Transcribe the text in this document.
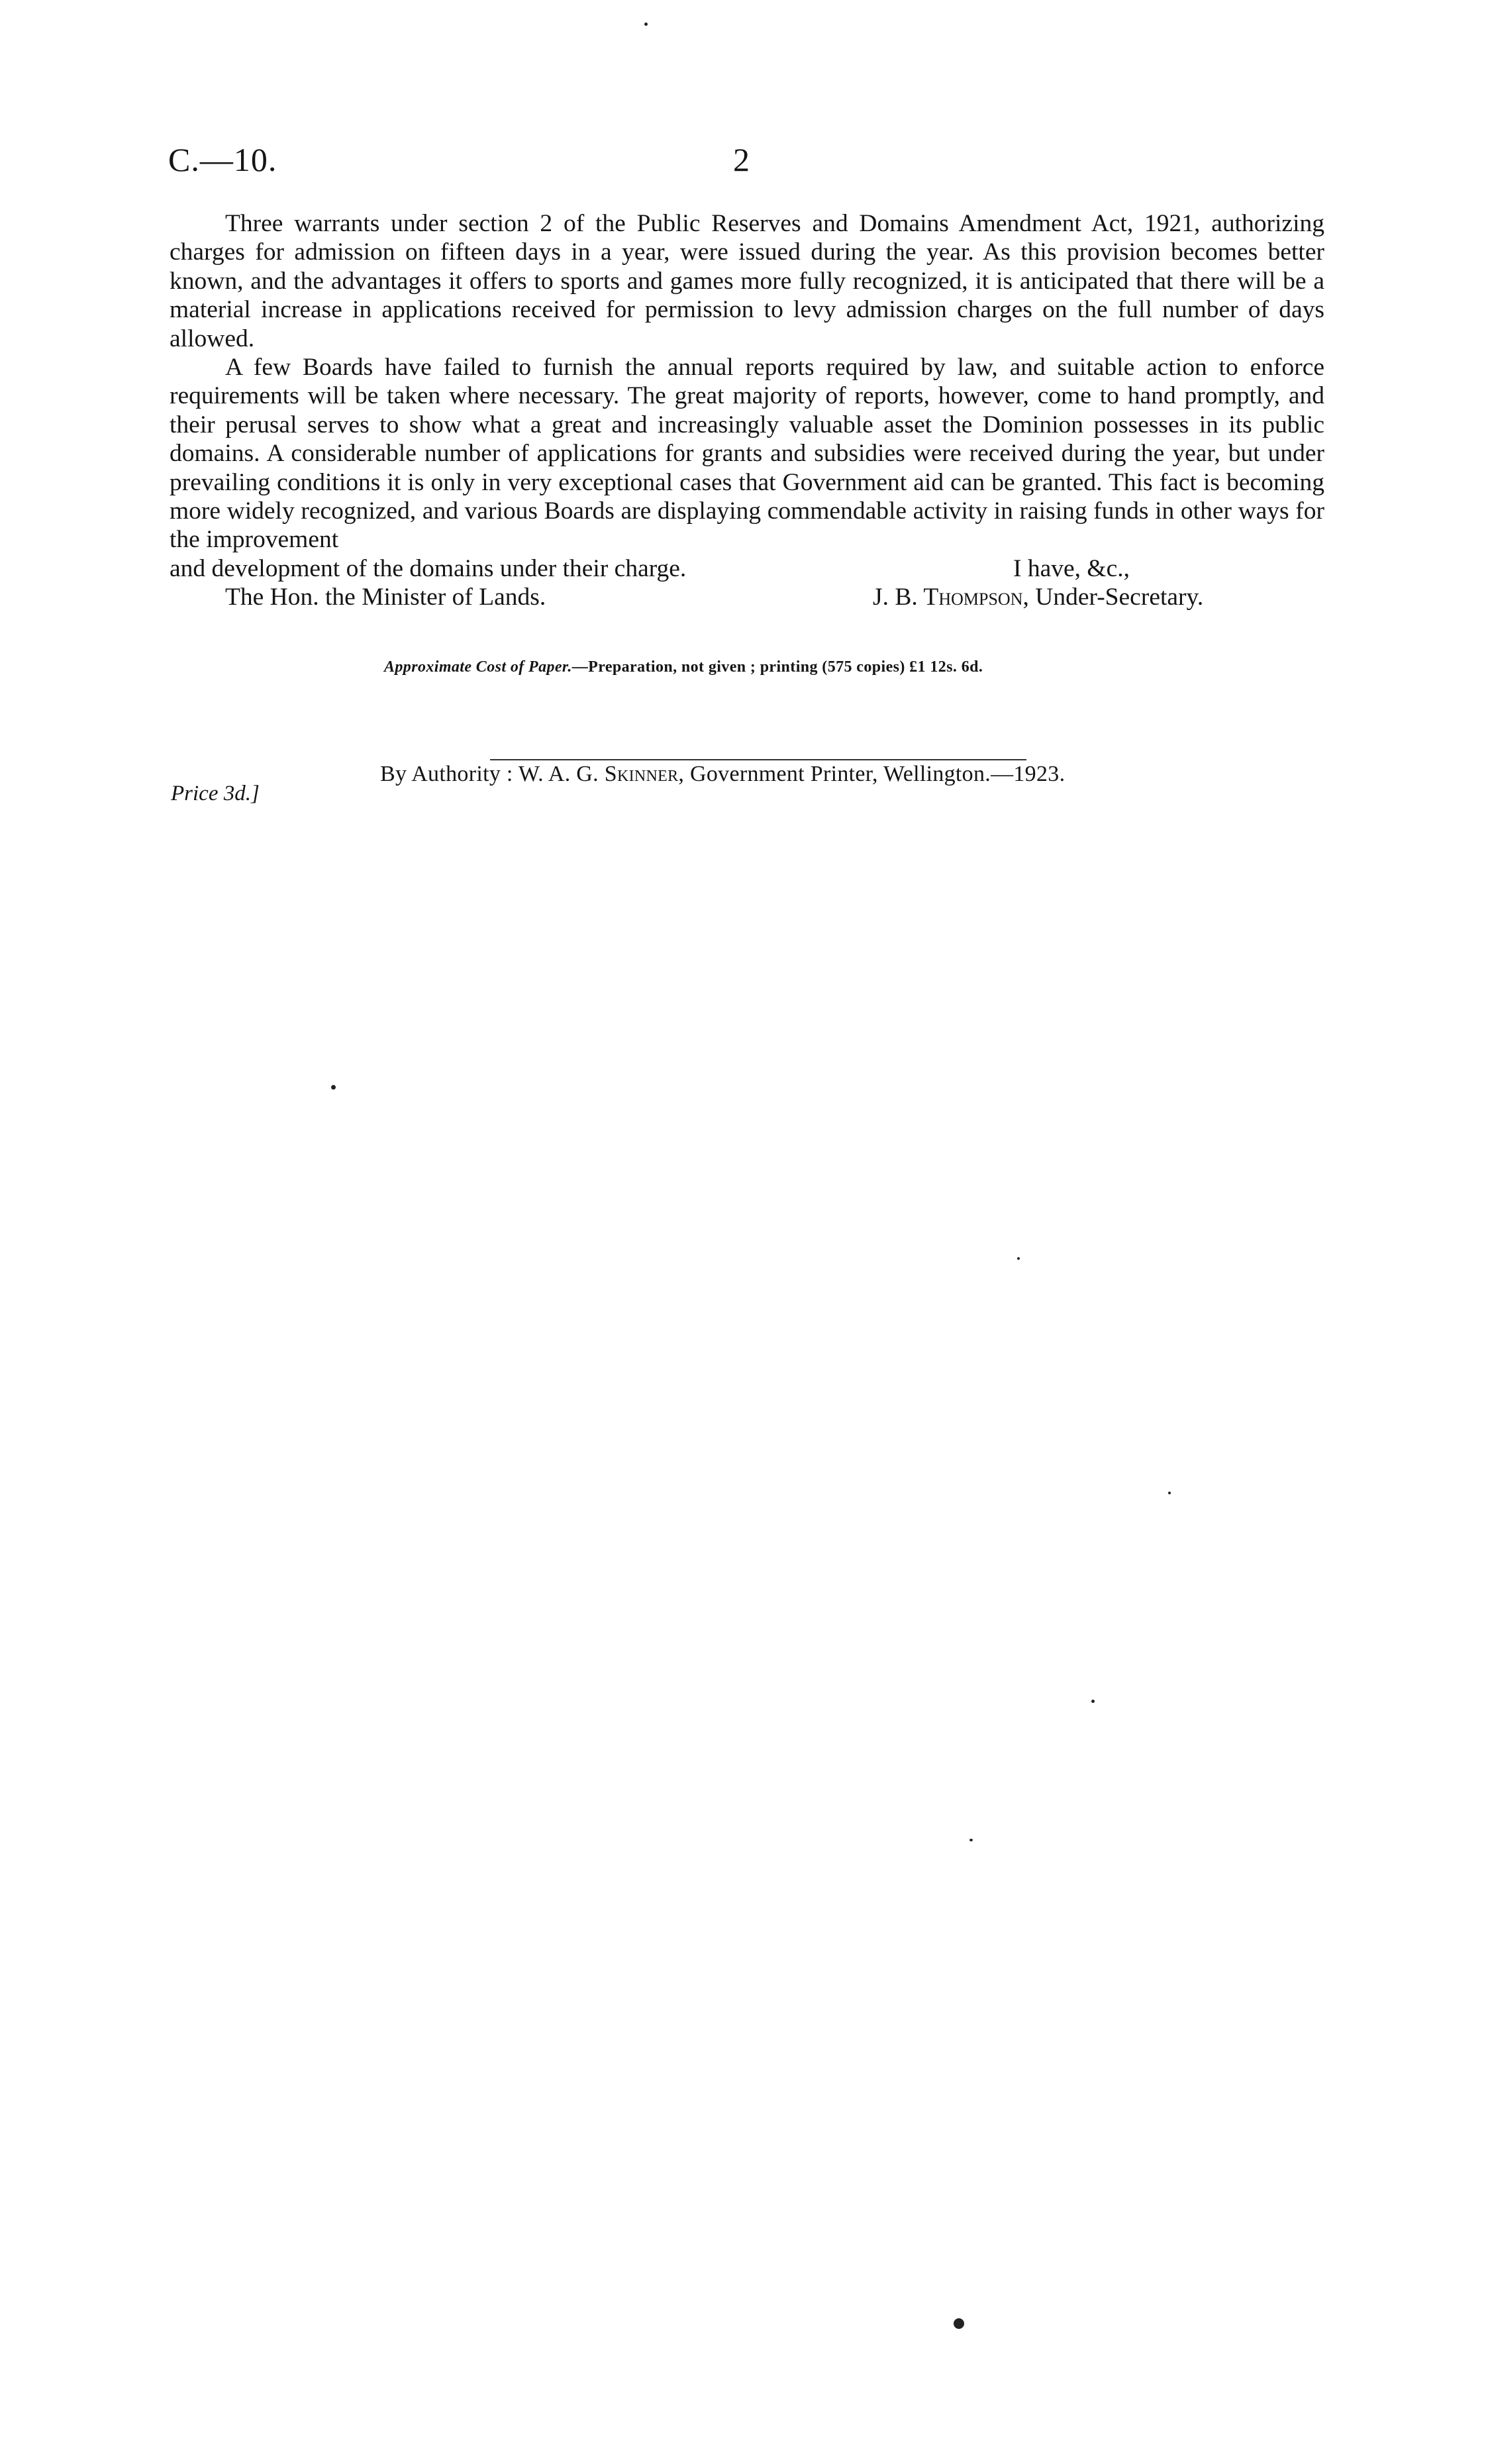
C.—10.	2

Three warrants under section 2 of the Public Reserves and Domains Amendment Act, 1921, authorizing charges for admission on fifteen days in a year, were issued during the year. As this provision becomes better known, and the advantages it offers to sports and games more fully recognized, it is anticipated that there will be a material increase in applications received for permission to levy admission charges on the full number of days allowed.

A few Boards have failed to furnish the annual reports required by law, and suitable action to enforce requirements will be taken where necessary. The great majority of reports, however, come to hand promptly, and their perusal serves to show what a great and increasingly valuable asset the Dominion possesses in its public domains. A considerable number of applications for grants and subsidies were received during the year, but under prevailing conditions it is only in very exceptional cases that Government aid can be granted. This fact is becoming more widely recognized, and various Boards are displaying commendable activity in raising funds in other ways for the improvement

and development of the domains under their charge.	I have, &c.,
The Hon. the Minister of Lands.	J. B. Thompson, Under-Secretary.
Approximate Cost of Paper.—Preparation, not given ; printing (575 copies) £1 12s. 6d.
By Authority : W. A. G. Skinner, Government Printer, Wellington.—1923.
Price 3d.]
